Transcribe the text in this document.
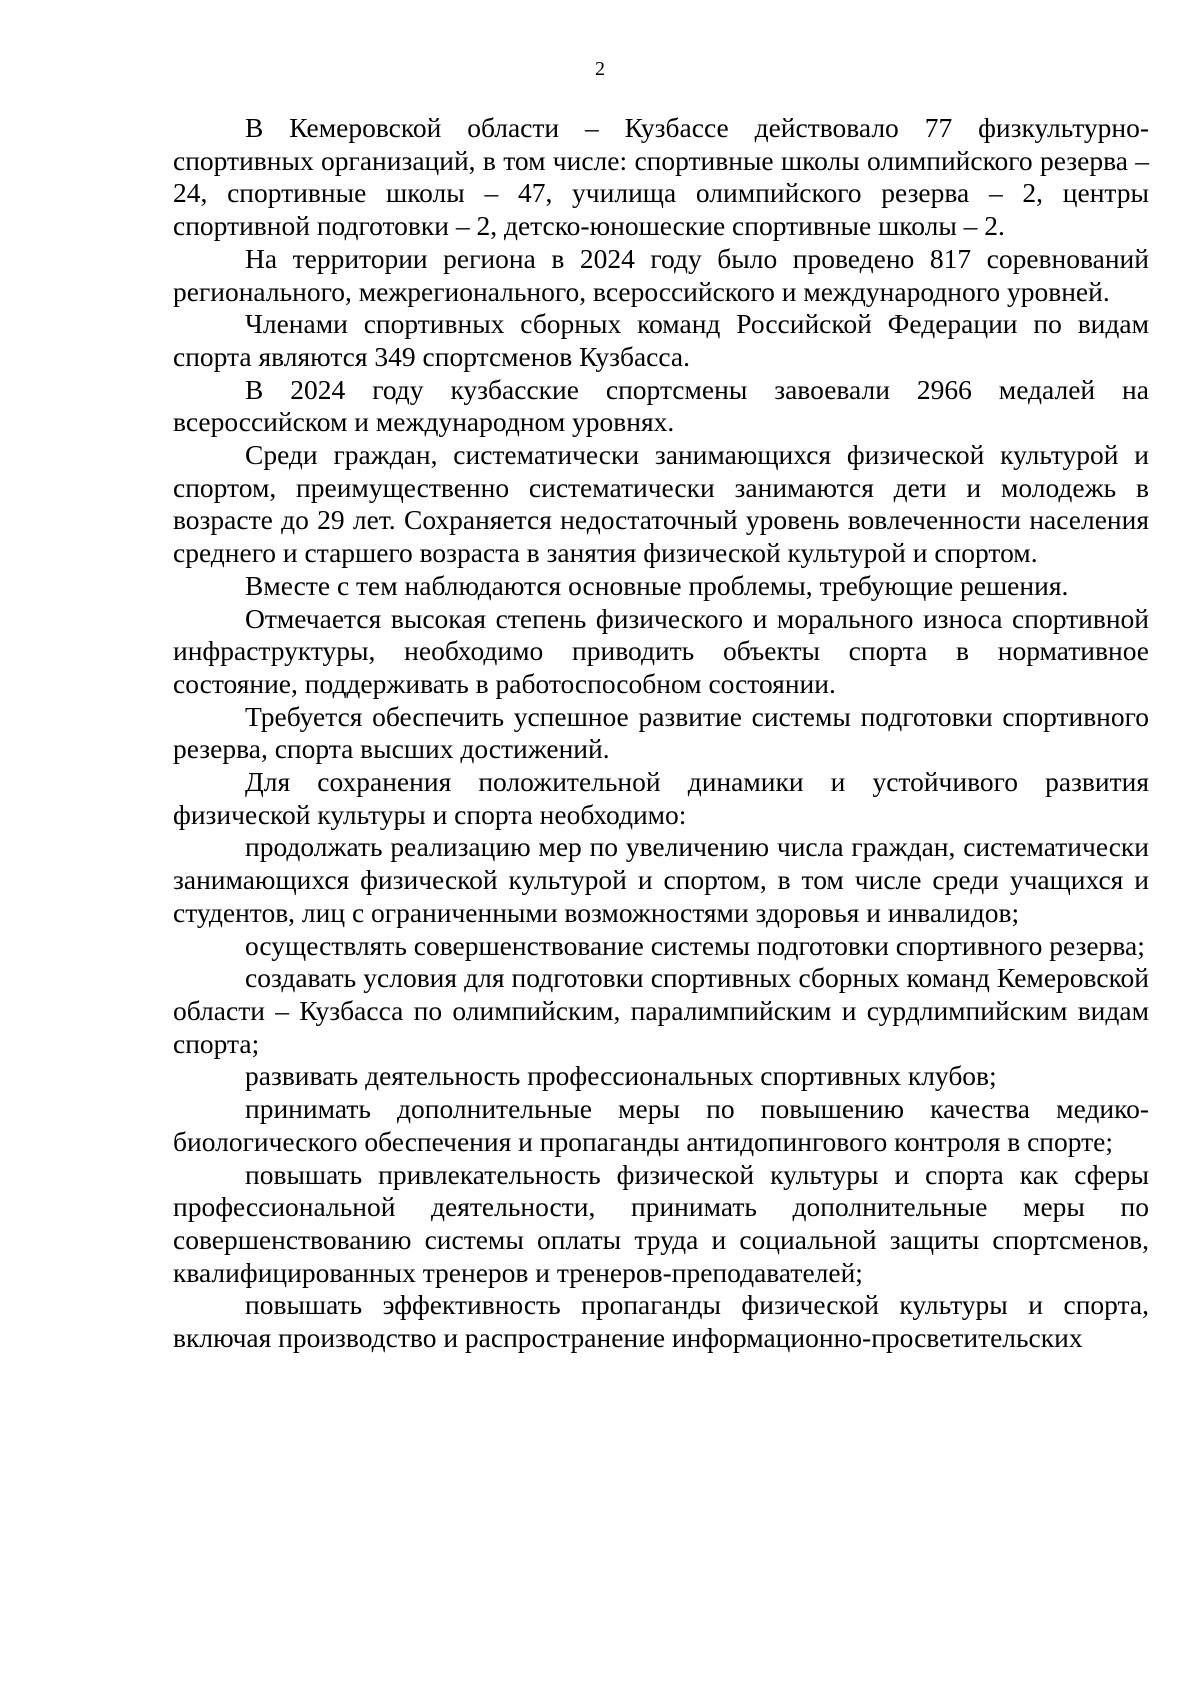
2

В Кемеровской области – Кузбассе действовало 77 физкультурно-спортивных организаций, в том числе: спортивные школы олимпийского резерва – 24, спортивные школы – 47, училища олимпийского резерва – 2, центры спортивной подготовки – 2, детско-юношеские спортивные школы – 2.

На территории региона в 2024 году было проведено 817 соревнований регионального, межрегионального, всероссийского и международного уровней.

Членами спортивных сборных команд Российской Федерации по видам спорта являются 349 спортсменов Кузбасса.

В 2024 году кузбасские спортсмены завоевали 2966 медалей на всероссийском и международном уровнях.

Среди граждан, систематически занимающихся физической культурой и спортом, преимущественно систематически занимаются дети и молодежь в возрасте до 29 лет. Сохраняется недостаточный уровень вовлеченности населения среднего и старшего возраста в занятия физической культурой и спортом.

Вместе с тем наблюдаются основные проблемы, требующие решения.

Отмечается высокая степень физического и морального износа спортивной инфраструктуры, необходимо приводить объекты спорта в нормативное состояние, поддерживать в работоспособном состоянии.

Требуется обеспечить успешное развитие системы подготовки спортивного резерва, спорта высших достижений.

Для сохранения положительной динамики и устойчивого развития физической культуры и спорта необходимо:

продолжать реализацию мер по увеличению числа граждан, систематически занимающихся физической культурой и спортом, в том числе среди учащихся и студентов, лиц с ограниченными возможностями здоровья и инвалидов;

осуществлять совершенствование системы подготовки спортивного резерва;

создавать условия для подготовки спортивных сборных команд Кемеровской области – Кузбасса по олимпийским, паралимпийским и сурдлимпийским видам спорта;

развивать деятельность профессиональных спортивных клубов;

принимать дополнительные меры по повышению качества медико-биологического обеспечения и пропаганды антидопингового контроля в спорте;

повышать привлекательность физической культуры и спорта как сферы профессиональной деятельности, принимать дополнительные меры по совершенствованию системы оплаты труда и социальной защиты спортсменов, квалифицированных тренеров и тренеров-преподавателей;

повышать эффективность пропаганды физической культуры и спорта, включая производство и распространение информационно-просветительских
